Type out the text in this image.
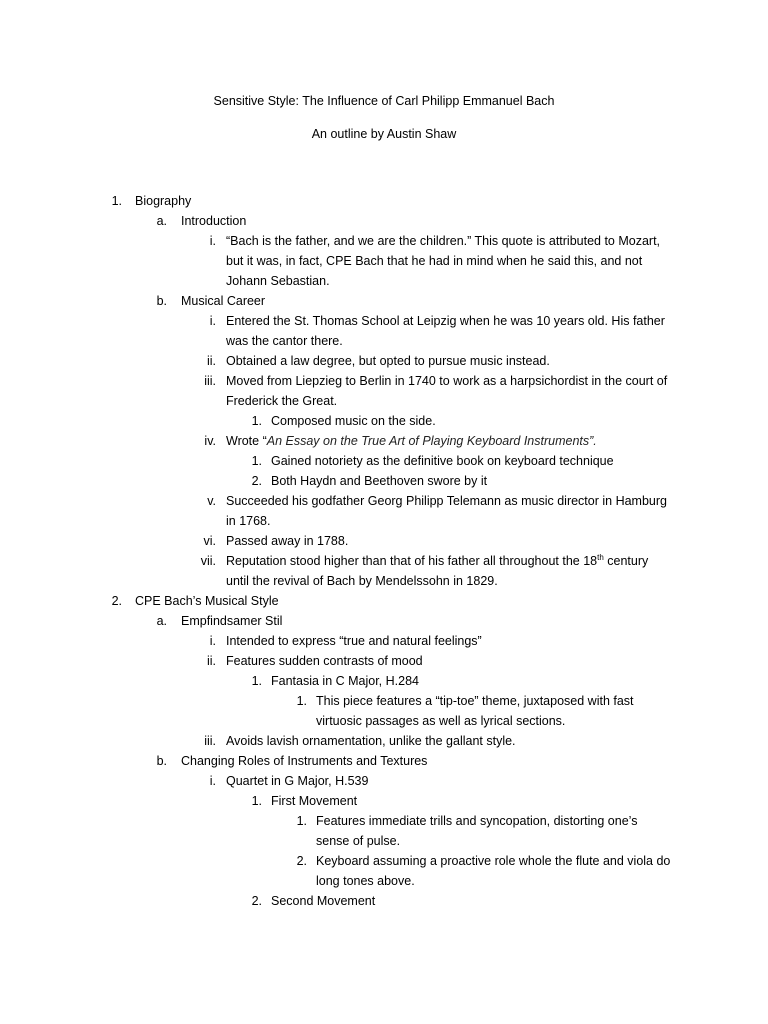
Sensitive Style: The Influence of Carl Philipp Emmanuel Bach
An outline by Austin Shaw
1. Biography
a. Introduction
i. “Bach is the father, and we are the children.” This quote is attributed to Mozart,
but it was, in fact, CPE Bach that he had in mind when he said this, and not
Johann Sebastian.
b. Musical Career
i. Entered the St. Thomas School at Leipzig when he was 10 years old. His father
was the cantor there.
ii. Obtained a law degree, but opted to pursue music instead.
iii. Moved from Liepzieg to Berlin in 1740 to work as a harpsichordist in the court of
Frederick the Great.
1. Composed music on the side.
iv. Wrote “An Essay on the True Art of Playing Keyboard Instruments”.
1. Gained notoriety as the definitive book on keyboard technique
2. Both Haydn and Beethoven swore by it
v. Succeeded his godfather Georg Philipp Telemann as music director in Hamburg
in 1768.
vi. Passed away in 1788.
vii. Reputation stood higher than that of his father all throughout the 18th century
until the revival of Bach by Mendelssohn in 1829.
2. CPE Bach’s Musical Style
a. Empfindsamer Stil
i. Intended to express “true and natural feelings”
ii. Features sudden contrasts of mood
1. Fantasia in C Major, H.284
1. This piece features a “tip-toe” theme, juxtaposed with fast
virtuosic passages as well as lyrical sections.
iii. Avoids lavish ornamentation, unlike the gallant style.
b. Changing Roles of Instruments and Textures
i. Quartet in G Major, H.539
1. First Movement
1. Features immediate trills and syncopation, distorting one’s
sense of pulse.
2. Keyboard assuming a proactive role whole the flute and viola do
long tones above.
2. Second Movement
